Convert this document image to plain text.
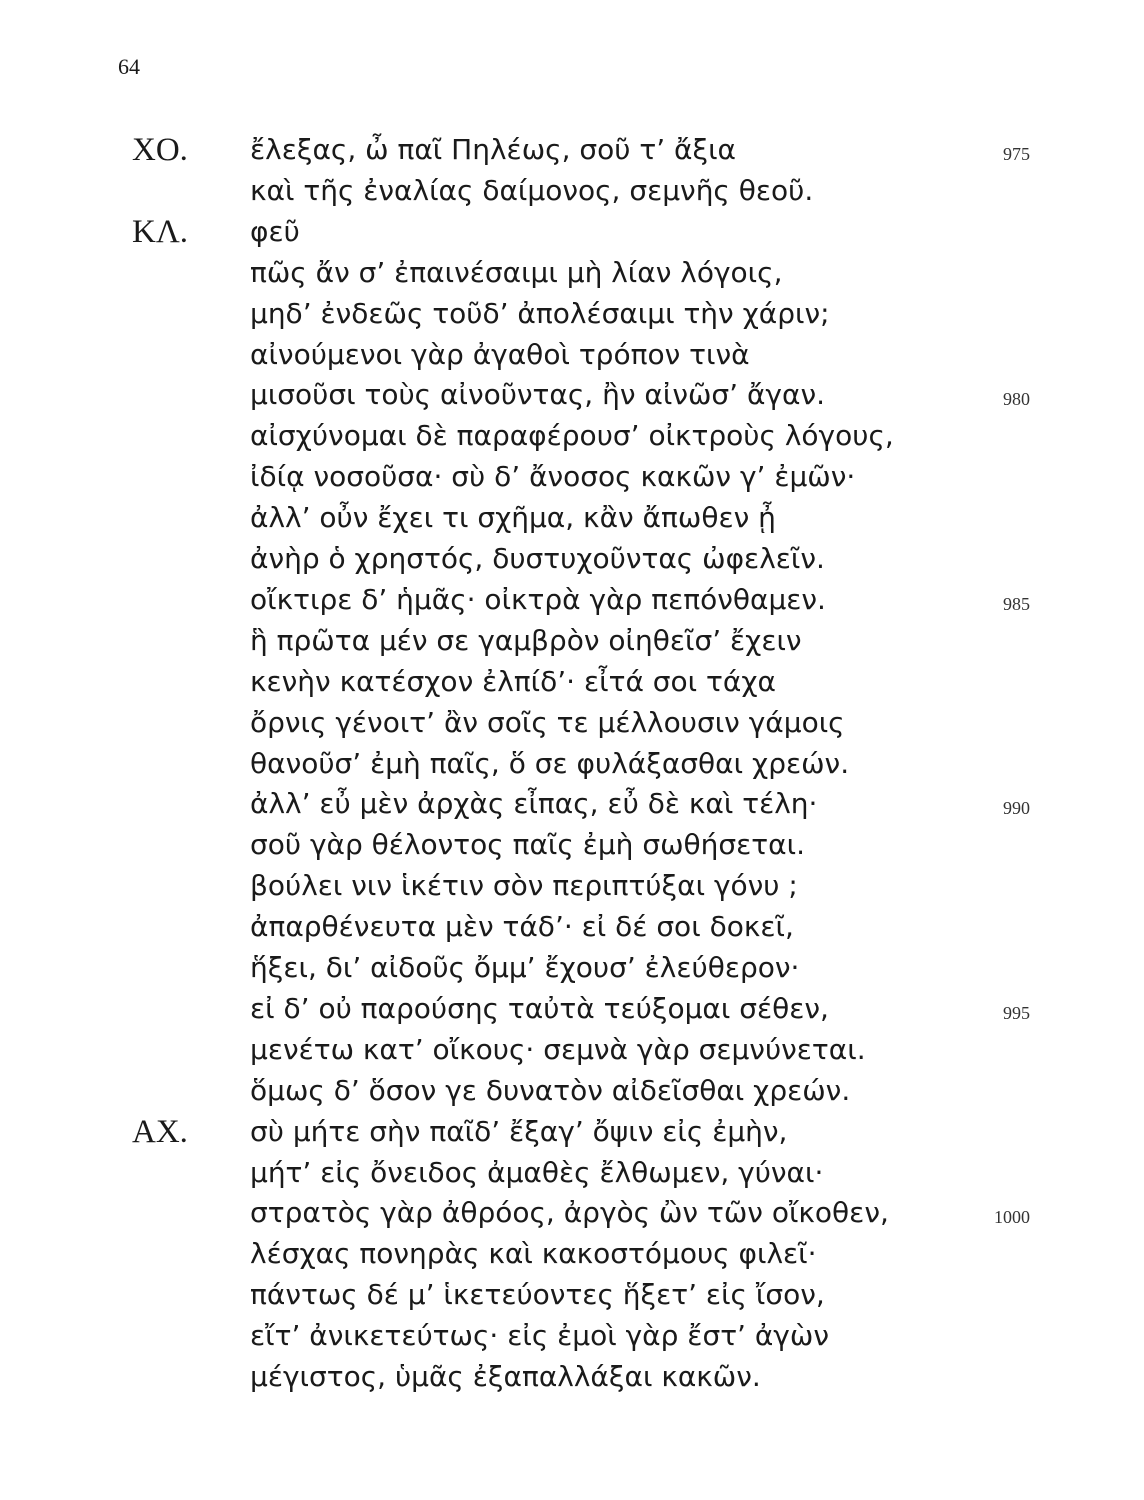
64
ΧΟ. ἔλεξας, ὦ παῖ Πηλέως, σοῦ τ’ ἄξια	975
καὶ τῆς ἐναλίας δαίμονος, σεμνῆς θεοῦ.
ΚΛ. φεῦ
πῶς ἄν σ’ ἐπαινέσαιμι μὴ λίαν λόγοις,
μηδ’ ἐνδεῶς τοῦδ’ ἀπολέσαιμι τὴν χάριν;
αἰνούμενοι γὰρ ἀγαθοὶ τρόπον τινὰ
μισοῦσι τοὺς αἰνοῦντας, ἢν αἰνῶσ’ ἄγαν.	980
αἰσχύνομαι δὲ παραφέρουσ’ οἰκτροὺς λόγους,
ἰδίᾳ νοσοῦσα· σὺ δ’ ἄνοσος κακῶν γ’ ἐμῶν·
ἀλλ’ οὖν ἔχει τι σχῆμα, κἂν ἄπωθεν ᾖ
ἀνὴρ ὁ χρηστός, δυστυχοῦντας ὠφελεῖν.
οἴκτιρε δ’ ἡμᾶς· οἰκτρὰ γὰρ πεπόνθαμεν.	985
ἣ πρῶτα μέν σε γαμβρὸν οἰηθεῖσ’ ἔχειν
κενὴν κατέσχον ἐλπίδ’· εἶτά σοι τάχα
ὄρνις γένοιτ’ ἂν σοῖς τε μέλλουσιν γάμοις
θανοῦσ’ ἐμὴ παῖς, ὅ σε φυλάξασθαι χρεών.
ἀλλ’ εὖ μὲν ἀρχὰς εἶπας, εὖ δὲ καὶ τέλη·	990
σοῦ γὰρ θέλοντος παῖς ἐμὴ σωθήσεται.
βούλει νιν ἱκέτιν σὸν περιπτύξαι γόνυ ;
ἀπαρθένευτα μὲν τάδ’· εἰ δέ σοι δοκεῖ,
ἥξει, δι’ αἰδοῦς ὄμμ’ ἔχουσ’ ἐλεύθερον·
εἰ δ’ οὐ παρούσης ταὐτὰ τεύξομαι σέθεν,	995
μενέτω κατ’ οἴκους· σεμνὰ γὰρ σεμνύνεται.
ὅμως δ’ ὅσον γε δυνατὸν αἰδεῖσθαι χρεών.
ΑΧ. σὺ μήτε σὴν παῖδ’ ἔξαγ’ ὄψιν εἰς ἐμὴν,
μήτ’ εἰς ὄνειδος ἀμαθὲς ἔλθωμεν, γύναι·
στρατὸς γὰρ ἀθρόος, ἀργὸς ὢν τῶν οἴκοθεν,	1000
λέσχας πονηρὰς καὶ κακοστόμους φιλεῖ·
πάντως δέ μ’ ἱκετεύοντες ἥξετ’ εἰς ἴσον,
εἴτ’ ἀνικετεύτως· εἰς ἐμοὶ γὰρ ἔστ’ ἀγὼν
μέγιστος, ὑμᾶς ἐξαπαλλάξαι κακῶν.
